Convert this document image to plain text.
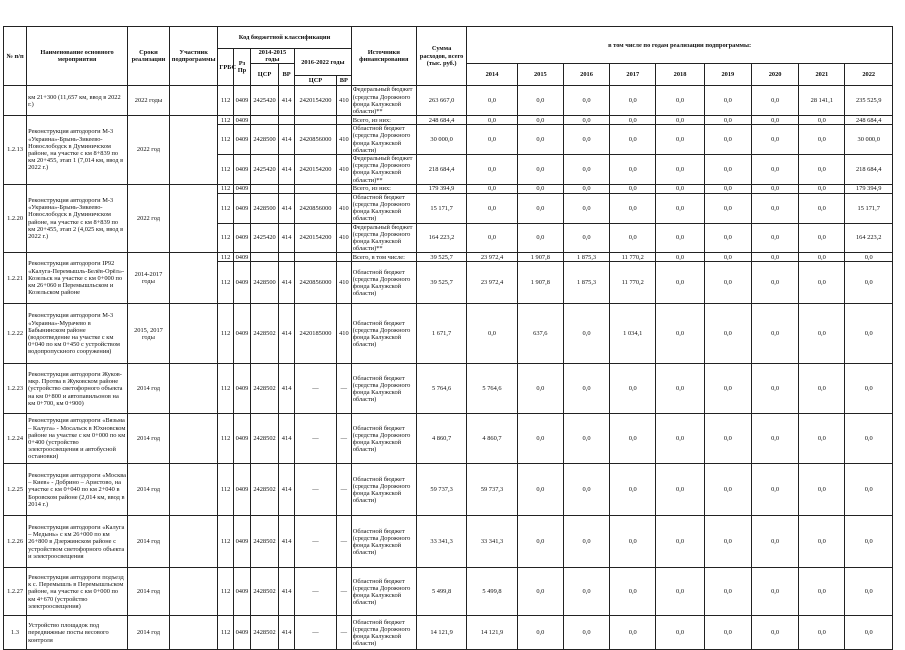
№ п/п	Наименование основного мероприятия	Сроки реализации	Участник подпрограммы	Код бюджетной классификации						Источники финансирования	Сумма расходов, всего (тыс. руб.)	в том числе по годам реализации подпрограммы:								
				ГРБС	Рз Пр	2014-2015 годы		2016-2022 годы												
						ЦСР	ВР					2014	2015	2016	2017	2018	2019	2020	2021	2022
								ЦСР	ВР											
	км 21+300 (11,657 км, ввод в 2022 г.)	2022 годы		112	0409	2425420	414	2420154200	410	Федеральный бюджет (средства Дорожного фонда Калужской области)**	263 667,0	0,0	0,0	0,0	0,0	0,0	0,0	0,0	28 141,1	235 525,9
1.2.13	Реконструкция автодороги М-3 «Украина»-Брынь-Зикеево-Новослободск в Думиничском районе, на участке с км 8+839 по км 20+455, этап 1 (7,014 км, ввод в 2022 г.)	2022 год		112	0409					Всего, из них:	248 684,4	0,0	0,0	0,0	0,0	0,0	0,0	0,0	0,0	248 684,4
				112	0409	2428500	414	2420856000	410	Областной бюджет (средства Дорожного фонда Калужской области)	30 000,0	0,0	0,0	0,0	0,0	0,0	0,0	0,0	0,0	30 000,0
				112	0409	2425420	414	2420154200	410	Федеральный бюджет (средства Дорожного фонда Калужской области)**	218 684,4	0,0	0,0	0,0	0,0	0,0	0,0	0,0	0,0	218 684,4
1.2.20	Реконструкция автодороги М-3 «Украина»-Брынь-Зикеево-Новослободск в Думиничском районе, на участке с км 8+839 по км 20+455, этап 2 (4,025 км, ввод в 2022 г.)	2022 год		112	0409					Всего, из них:	179 394,9	0,0	0,0	0,0	0,0	0,0	0,0	0,0	0,0	179 394,9
				112	0409	2428500	414	2420856000	410	Областной бюджет (средства Дорожного фонда Калужской области)	15 171,7	0,0	0,0	0,0	0,0	0,0	0,0	0,0	0,0	15 171,7
				112	0409	2425420	414	2420154200	410	Федеральный бюджет (средства Дорожного фонда Калужской области)**	164 223,2	0,0	0,0	0,0	0,0	0,0	0,0	0,0	0,0	164 223,2
1.2.21	Реконструкция автодороги IP92 «Калуга-Перемышль-Белёв-Орёл»-Козельск на участке с км 0+000 по км 26+060 в Перемышльском и Козельском районе	2014-2017 годы		112	0409					Всего, в том числе:	39 525,7	23 972,4	1 907,8	1 875,3	11 770,2	0,0	0,0	0,0	0,0	0,0
				112	0409	2428500	414	2420856000	410	Областной бюджет (средства Дорожного фонда Калужской области)	39 525,7	23 972,4	1 907,8	1 875,3	11 770,2	0,0	0,0	0,0	0,0	0,0
1.2.22	Реконструкция автодороги М-3 «Украина»-Мурачево в Бабынинском районе (водоотведение на участке с км 0+040 по км 0+450 с устройством водопропускного сооружения)	2015, 2017 годы		112	0409	2428502	414	2420185000	410	Областной бюджет (средства Дорожного фонда Калужской области)	1 671,7	0,0	637,6	0,0	1 034,1	0,0	0,0	0,0	0,0	0,0
1.2.23	Реконструкция автодороги Жуков-мкр. Протва в Жуковском районе (устройство светофорного объекта на км 0+800 и автопавильонов на км 0+700, км 0+900)	2014 год		112	0409	2428502	414	—	—	Областной бюджет (средства Дорожного фонда Калужской области)	5 764,6	5 764,6	0,0	0,0	0,0	0,0	0,0	0,0	0,0	0,0
1.2.24	Реконструкция автодороги «Вязьма – Калуга» - Мосальск в Юхновском районе на участке с км 0+000 по км 0+400 (устройство электроосвещения и автобусной остановки)	2014 год		112	0409	2428502	414	—	—	Областной бюджет (средства Дорожного фонда Калужской области)	4 860,7	4 860,7	0,0	0,0	0,0	0,0	0,0	0,0	0,0	0,0
1.2.25	Реконструкция автодороги «Москва – Киев» - Добрино – Аристово, на участке с км 0+040 по км 2+040 в Боровском районе (2,014 км, ввод в 2014 г.)	2014 год		112	0409	2428502	414	—	—	Областной бюджет (средства Дорожного фонда Калужской области)	59 737,3	59 737,3	0,0	0,0	0,0	0,0	0,0	0,0	0,0	0,0
1.2.26	Реконструкция автодороги «Калуга – Медынь» с км 26+000 по км 26+800 в Дзержинском районе с устройством светофорного объекта и электроосвещения	2014 год		112	0409	2428502	414	—	—	Областной бюджет (средства Дорожного фонда Калужской области)	33 341,3	33 341,3	0,0	0,0	0,0	0,0	0,0	0,0	0,0	0,0
1.2.27	Реконструкция автодороги подъезд к с. Перемышль в Перемышльском районе, на участке с км 0+000 по км 4+670 (устройство электроосвещения)	2014 год		112	0409	2428502	414	—	—	Областной бюджет (средства Дорожного фонда Калужской области)	5 499,8	5 499,8	0,0	0,0	0,0	0,0	0,0	0,0	0,0	0,0
1.3	Устройство площадок под передвижные посты весового контроля	2014 год		112	0409	2428502	414	—	—	Областной бюджет (средства Дорожного фонда Калужской области)	14 121,9	14 121,9	0,0	0,0	0,0	0,0	0,0	0,0	0,0	0,0
